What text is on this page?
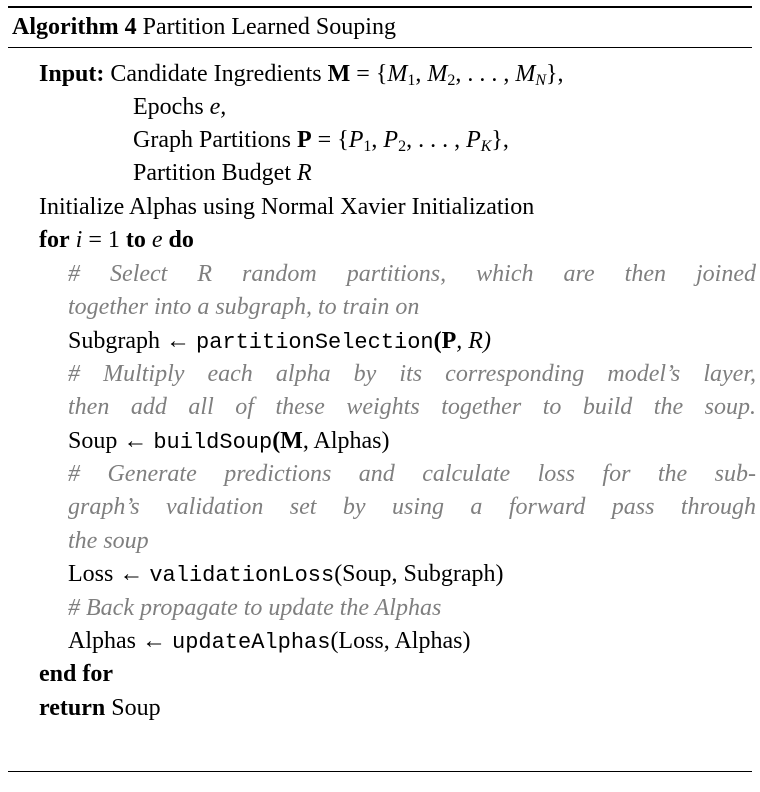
Algorithm 4 Partition Learned Souping
Input: Candidate Ingredients $M = \{M_1$, $M_2$, . . . , $M_N$},
Epochs e,
Graph Partitions $P = \{P_1$, $P_2$, . . . , $P_K$},
Partition Budget R
Initialize Alphas using Normal Xavier Initialization
for i = 1 to e do
# Select R random partitions, which are then joined
together into a subgraph, to train on
Subgraph ← partitionSelection(P, R)
# Multiply each alpha by its corresponding model’s layer,
then add all of these weights together to build the soup.
Soup ← buildSoup(M, Alphas)
# Generate predictions and calculate loss for the sub-
graph’s validation set by using a forward pass through
the soup
Loss ← validationLoss(Soup, Subgraph)
# Back propagate to update the Alphas
Alphas ← updateAlphas(Loss, Alphas)
end for
return Soup
